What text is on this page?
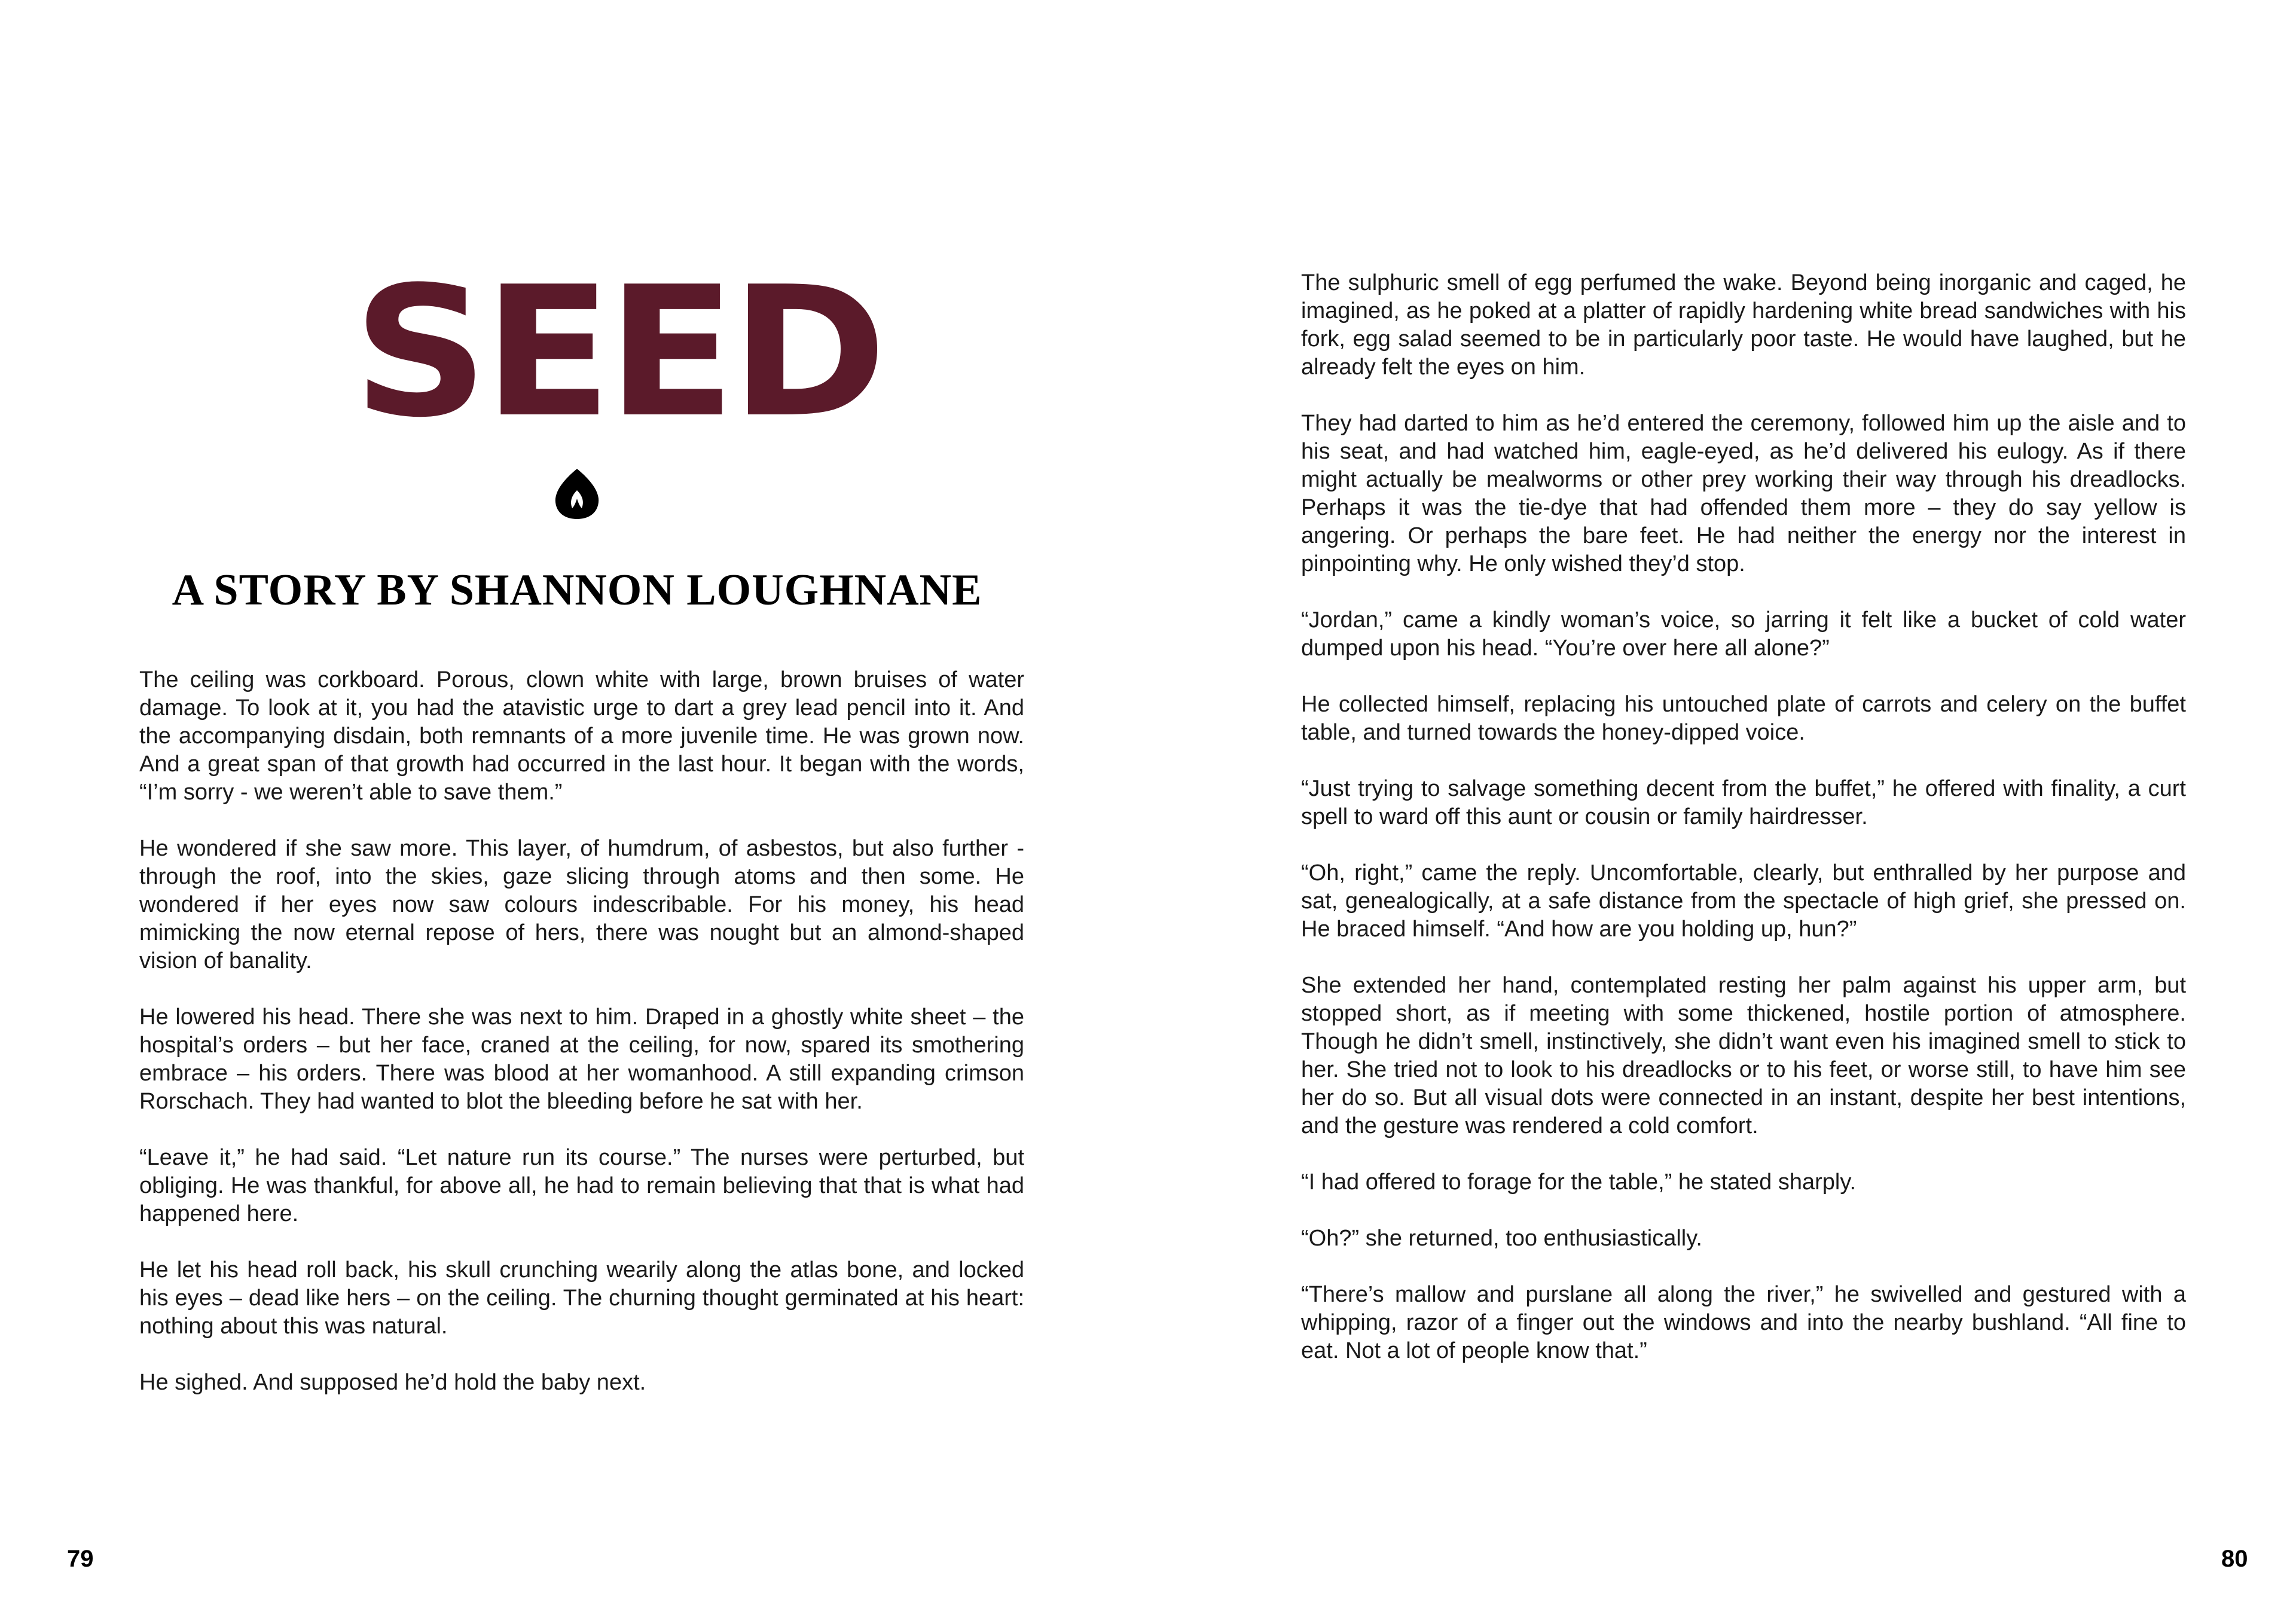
SEED
A STORY BY SHANNON LOUGHNANE

The ceiling was corkboard. Porous, clown white with large, brown bruises of water damage. To look at it, you had the atavistic urge to dart a grey lead pencil into it. And the accompanying disdain, both remnants of a more juvenile time. He was grown now. And a great span of that growth had occurred in the last hour. It began with the words, “I’m sorry - we weren’t able to save them.”

He wondered if she saw more. This layer, of humdrum, of asbestos, but also further - through the roof, into the skies, gaze slicing through atoms and then some. He wondered if her eyes now saw colours indescribable. For his money, his head mimicking the now eternal repose of hers, there was nought but an almond-shaped vision of banality.

He lowered his head. There she was next to him. Draped in a ghostly white sheet – the hospital’s orders – but her face, craned at the ceiling, for now, spared its smothering embrace – his orders. There was blood at her womanhood. A still expanding crimson Rorschach. They had wanted to blot the bleeding before he sat with her.

“Leave it,” he had said. “Let nature run its course.” The nurses were perturbed, but obliging. He was thankful, for above all, he had to remain believing that that is what had happened here.

He let his head roll back, his skull crunching wearily along the atlas bone, and locked his eyes – dead like hers – on the ceiling. The churning thought germinated at his heart: nothing about this was natural.

He sighed. And supposed he’d hold the baby next.

79

The sulphuric smell of egg perfumed the wake. Beyond being inorganic and caged, he imagined, as he poked at a platter of rapidly hardening white bread sandwiches with his fork, egg salad seemed to be in particularly poor taste. He would have laughed, but he already felt the eyes on him.

They had darted to him as he’d entered the ceremony, followed him up the aisle and to his seat, and had watched him, eagle-eyed, as he’d delivered his eulogy. As if there might actually be mealworms or other prey working their way through his dreadlocks. Perhaps it was the tie-dye that had offended them more – they do say yellow is angering. Or perhaps the bare feet. He had neither the energy nor the interest in pinpointing why. He only wished they’d stop.

“Jordan,” came a kindly woman’s voice, so jarring it felt like a bucket of cold water dumped upon his head. “You’re over here all alone?”

He collected himself, replacing his untouched plate of carrots and celery on the buffet table, and turned towards the honey-dipped voice.

“Just trying to salvage something decent from the buffet,” he offered with finality, a curt spell to ward off this aunt or cousin or family hairdresser.

“Oh, right,” came the reply. Uncomfortable, clearly, but enthralled by her purpose and sat, genealogically, at a safe distance from the spectacle of high grief, she pressed on. He braced himself. “And how are you holding up, hun?”

She extended her hand, contemplated resting her palm against his upper arm, but stopped short, as if meeting with some thickened, hostile portion of atmosphere. Though he didn’t smell, instinctively, she didn’t want even his imagined smell to stick to her. She tried not to look to his dreadlocks or to his feet, or worse still, to have him see her do so. But all visual dots were connected in an instant, despite her best intentions, and the gesture was rendered a cold comfort.

“I had offered to forage for the table,” he stated sharply.

“Oh?” she returned, too enthusiastically.

“There’s mallow and purslane all along the river,” he swivelled and gestured with a whipping, razor of a finger out the windows and into the nearby bushland. “All fine to eat. Not a lot of people know that.”

80
